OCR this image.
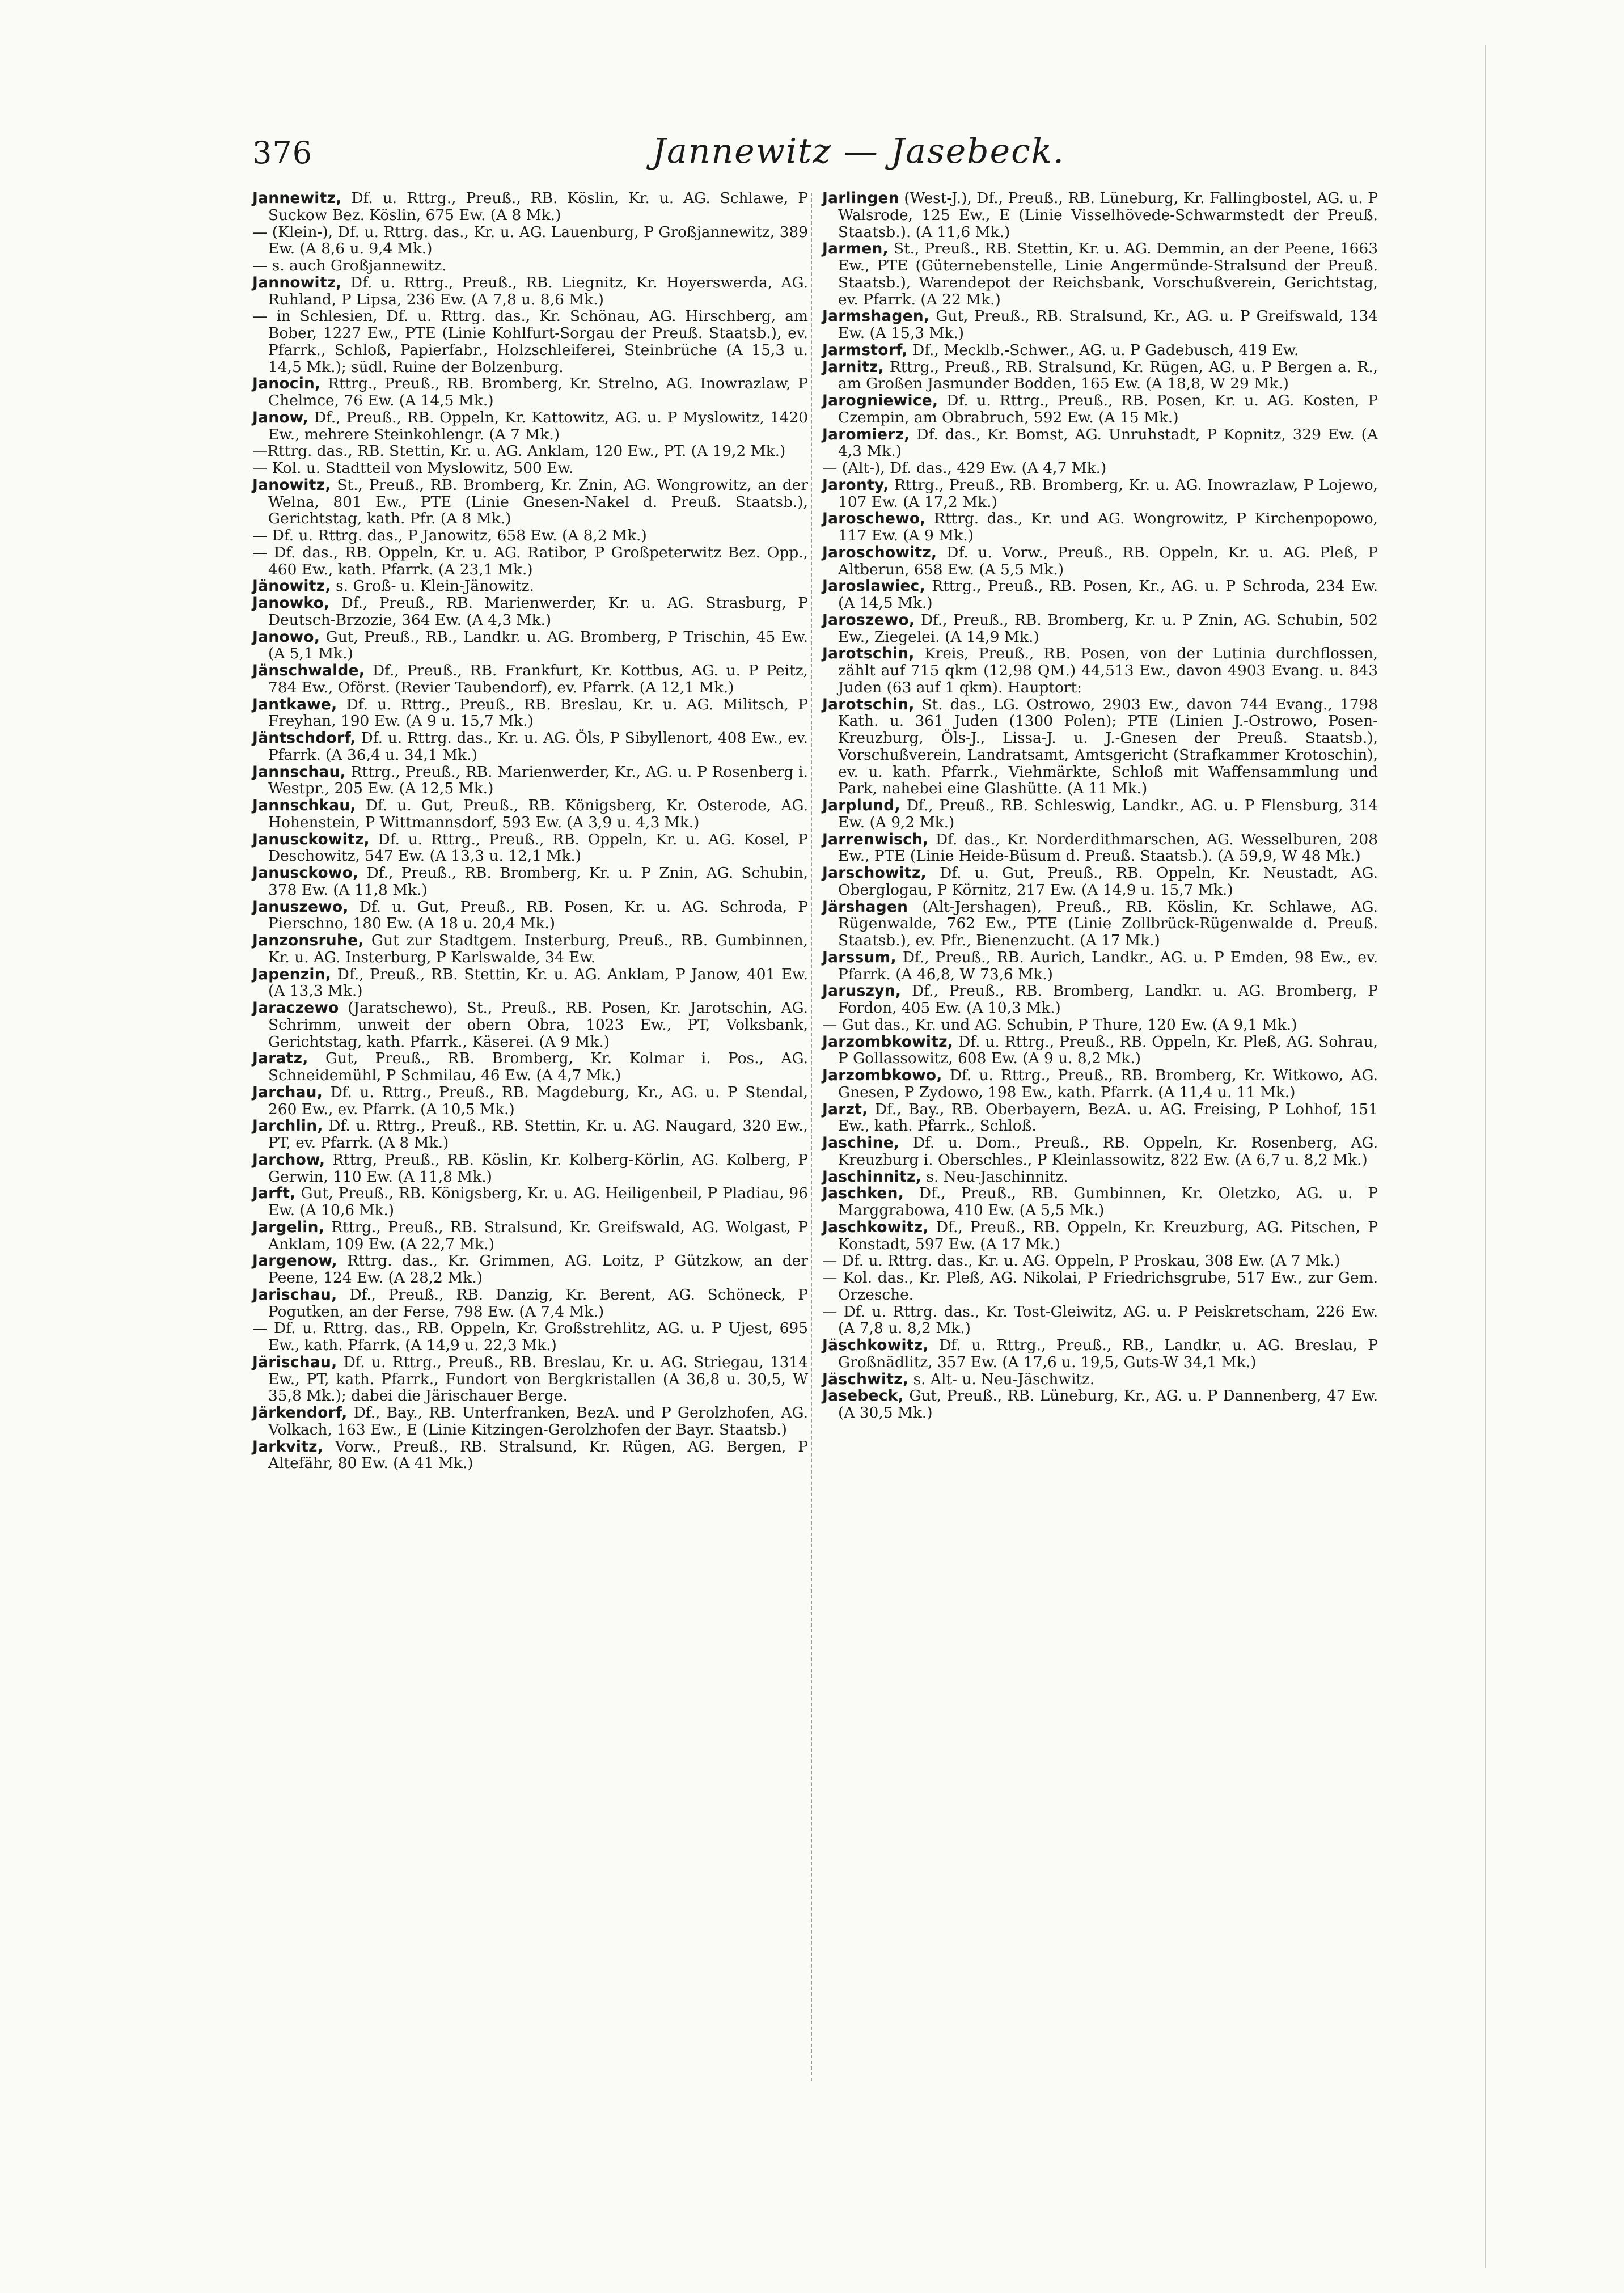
376	Jannewitz — Jasebeck.

Jannewitz, Df. u. Rttrg., Preuß., RB. Köslin, Kr. u. AG. Schlawe, P Suckow Bez. Köslin, 675 Ew. (A 8 Mk.)

— (Klein-), Df. u. Rttrg. das., Kr. u. AG. Lauenburg, P Großjannewitz, 389 Ew. (A 8,6 u. 9,4 Mk.)

— s. auch Großjannewitz.

Jannowitz, Df. u. Rttrg., Preuß., RB. Liegnitz, Kr. Hoyerswerda, AG. Ruhland, P Lipsa, 236 Ew. (A 7,8 u. 8,6 Mk.)

— in Schlesien, Df. u. Rttrg. das., Kr. Schönau, AG. Hirschberg, am Bober, 1227 Ew., PTE (Linie Kohlfurt-Sorgau der Preuß. Staatsb.), ev. Pfarrk., Schloß, Papierfabr., Holzschleiferei, Steinbrüche (A 15,3 u. 14,5 Mk.); südl. Ruine der Bolzenburg.

Janocin, Rttrg., Preuß., RB. Bromberg, Kr. Strelno, AG. Inowrazlaw, P Chelmce, 76 Ew. (A 14,5 Mk.)

Janow, Df., Preuß., RB. Oppeln, Kr. Kattowitz, AG. u. P Myslowitz, 1420 Ew., mehrere Steinkohlengr. (A 7 Mk.)

—Rttrg. das., RB. Stettin, Kr. u. AG. Anklam, 120 Ew., PT. (A 19,2 Mk.)

— Kol. u. Stadtteil von Myslowitz, 500 Ew.

Janowitz, St., Preuß., RB. Bromberg, Kr. Znin, AG. Wongrowitz, an der Welna, 801 Ew., PTE (Linie Gnesen-Nakel d. Preuß. Staatsb.), Gerichtstag, kath. Pfr. (A 8 Mk.)

— Df. u. Rttrg. das., P Janowitz, 658 Ew. (A 8,2 Mk.)

— Df. das., RB. Oppeln, Kr. u. AG. Ratibor, P Großpeterwitz Bez. Opp., 460 Ew., kath. Pfarrk. (A 23,1 Mk.)

Jänowitz, s. Groß- u. Klein-Jänowitz.

Janowko, Df., Preuß., RB. Marienwerder, Kr. u. AG. Strasburg, P Deutsch-Brzozie, 364 Ew. (A 4,3 Mk.)

Janowo, Gut, Preuß., RB., Landkr. u. AG. Bromberg, P Trischin, 45 Ew. (A 5,1 Mk.)

Jänschwalde, Df., Preuß., RB. Frankfurt, Kr. Kottbus, AG. u. P Peitz, 784 Ew., Oförst. (Revier Taubendorf), ev. Pfarrk. (A 12,1 Mk.)

Jantkawe, Df. u. Rttrg., Preuß., RB. Breslau, Kr. u. AG. Militsch, P Freyhan, 190 Ew. (A 9 u. 15,7 Mk.)

Jäntschdorf, Df. u. Rttrg. das., Kr. u. AG. Öls, P Sibyllenort, 408 Ew., ev. Pfarrk. (A 36,4 u. 34,1 Mk.)

Jannschau, Rttrg., Preuß., RB. Marienwerder, Kr., AG. u. P Rosenberg i. Westpr., 205 Ew. (A 12,5 Mk.)

Jannschkau, Df. u. Gut, Preuß., RB. Königsberg, Kr. Osterode, AG. Hohenstein, P Wittmannsdorf, 593 Ew. (A 3,9 u. 4,3 Mk.)

Janusckowitz, Df. u. Rttrg., Preuß., RB. Oppeln, Kr. u. AG. Kosel, P Deschowitz, 547 Ew. (A 13,3 u. 12,1 Mk.)

Janusckowo, Df., Preuß., RB. Bromberg, Kr. u. P Znin, AG. Schubin, 378 Ew. (A 11,8 Mk.)

Januszewo, Df. u. Gut, Preuß., RB. Posen, Kr. u. AG. Schroda, P Pierschno, 180 Ew. (A 18 u. 20,4 Mk.)

Janzonsruhe, Gut zur Stadtgem. Insterburg, Preuß., RB. Gumbinnen, Kr. u. AG. Insterburg, P Karlswalde, 34 Ew.

Japenzin, Df., Preuß., RB. Stettin, Kr. u. AG. Anklam, P Janow, 401 Ew. (A 13,3 Mk.)

Jaraczewo (Jaratschewo), St., Preuß., RB. Posen, Kr. Jarotschin, AG. Schrimm, unweit der obern Obra, 1023 Ew., PT, Volksbank, Gerichtstag, kath. Pfarrk., Käserei. (A 9 Mk.)

Jaratz, Gut, Preuß., RB. Bromberg, Kr. Kolmar i. Pos., AG. Schneidemühl, P Schmilau, 46 Ew. (A 4,7 Mk.)

Jarchau, Df. u. Rttrg., Preuß., RB. Magdeburg, Kr., AG. u. P Stendal, 260 Ew., ev. Pfarrk. (A 10,5 Mk.)

Jarchlin, Df. u. Rttrg., Preuß., RB. Stettin, Kr. u. AG. Naugard, 320 Ew., PT, ev. Pfarrk. (A 8 Mk.)

Jarchow, Rttrg, Preuß., RB. Köslin, Kr. Kolberg-Körlin, AG. Kolberg, P Gerwin, 110 Ew. (A 11,8 Mk.)

Jarft, Gut, Preuß., RB. Königsberg, Kr. u. AG. Heiligenbeil, P Pladiau, 96 Ew. (A 10,6 Mk.)

Jargelin, Rttrg., Preuß., RB. Stralsund, Kr. Greifswald, AG. Wolgast, P Anklam, 109 Ew. (A 22,7 Mk.)

Jargenow, Rttrg. das., Kr. Grimmen, AG. Loitz, P Gützkow, an der Peene, 124 Ew. (A 28,2 Mk.)

Jarischau, Df., Preuß., RB. Danzig, Kr. Berent, AG. Schöneck, P Pogutken, an der Ferse, 798 Ew. (A 7,4 Mk.)

— Df. u. Rttrg. das., RB. Oppeln, Kr. Großstrehlitz, AG. u. P Ujest, 695 Ew., kath. Pfarrk. (A 14,9 u. 22,3 Mk.)

Järischau, Df. u. Rttrg., Preuß., RB. Breslau, Kr. u. AG. Striegau, 1314 Ew., PT, kath. Pfarrk., Fundort von Bergkristallen (A 36,8 u. 30,5, W 35,8 Mk.); dabei die Järischauer Berge.

Järkendorf, Df., Bay., RB. Unterfranken, BezA. und P Gerolzhofen, AG. Volkach, 163 Ew., E (Linie Kitzingen-Gerolzhofen der Bayr. Staatsb.)

Jarkvitz, Vorw., Preuß., RB. Stralsund, Kr. Rügen, AG. Bergen, P Altefähr, 80 Ew. (A 41 Mk.)

Jarlingen (West-J.), Df., Preuß., RB. Lüneburg, Kr. Fallingbostel, AG. u. P Walsrode, 125 Ew., E (Linie Visselhövede-Schwarmstedt der Preuß. Staatsb.). (A 11,6 Mk.)

Jarmen, St., Preuß., RB. Stettin, Kr. u. AG. Demmin, an der Peene, 1663 Ew., PTE (Güternebenstelle, Linie Angermünde-Stralsund der Preuß. Staatsb.), Warendepot der Reichsbank, Vorschußverein, Gerichtstag, ev. Pfarrk. (A 22 Mk.)

Jarmshagen, Gut, Preuß., RB. Stralsund, Kr., AG. u. P Greifswald, 134 Ew. (A 15,3 Mk.)

Jarmstorf, Df., Mecklb.-Schwer., AG. u. P Gadebusch, 419 Ew.

Jarnitz, Rttrg., Preuß., RB. Stralsund, Kr. Rügen, AG. u. P Bergen a. R., am Großen Jasmunder Bodden, 165 Ew. (A 18,8, W 29 Mk.)

Jarogniewice, Df. u. Rttrg., Preuß., RB. Posen, Kr. u. AG. Kosten, P Czempin, am Obrabruch, 592 Ew. (A 15 Mk.)

Jaromierz, Df. das., Kr. Bomst, AG. Unruhstadt, P Kopnitz, 329 Ew. (A 4,3 Mk.)

— (Alt-), Df. das., 429 Ew. (A 4,7 Mk.)

Jaronty, Rttrg., Preuß., RB. Bromberg, Kr. u. AG. Inowrazlaw, P Lojewo, 107 Ew. (A 17,2 Mk.)

Jaroschewo, Rttrg. das., Kr. und AG. Wongrowitz, P Kirchenpopowo, 117 Ew. (A 9 Mk.)

Jaroschowitz, Df. u. Vorw., Preuß., RB. Oppeln, Kr. u. AG. Pleß, P Altberun, 658 Ew. (A 5,5 Mk.)

Jaroslawiec, Rttrg., Preuß., RB. Posen, Kr., AG. u. P Schroda, 234 Ew. (A 14,5 Mk.)

Jaroszewo, Df., Preuß., RB. Bromberg, Kr. u. P Znin, AG. Schubin, 502 Ew., Ziegelei. (A 14,9 Mk.)

Jarotschin, Kreis, Preuß., RB. Posen, von der Lutinia durchflossen, zählt auf 715 qkm (12,98 QM.) 44,513 Ew., davon 4903 Evang. u. 843 Juden (63 auf 1 qkm). Hauptort:

Jarotschin, St. das., LG. Ostrowo, 2903 Ew., davon 744 Evang., 1798 Kath. u. 361 Juden (1300 Polen); PTE (Linien J.-Ostrowo, Posen-Kreuzburg, Öls-J., Lissa-J. u. J.-Gnesen der Preuß. Staatsb.), Vorschußverein, Landratsamt, Amtsgericht (Strafkammer Krotoschin), ev. u. kath. Pfarrk., Viehmärkte, Schloß mit Waffensammlung und Park, nahebei eine Glashütte. (A 11 Mk.)

Jarplund, Df., Preuß., RB. Schleswig, Landkr., AG. u. P Flensburg, 314 Ew. (A 9,2 Mk.)

Jarrenwisch, Df. das., Kr. Norderdithmarschen, AG. Wesselburen, 208 Ew., PTE (Linie Heide-Büsum d. Preuß. Staatsb.). (A 59,9, W 48 Mk.)

Jarschowitz, Df. u. Gut, Preuß., RB. Oppeln, Kr. Neustadt, AG. Oberglogau, P Körnitz, 217 Ew. (A 14,9 u. 15,7 Mk.)

Järshagen (Alt-Jershagen), Preuß., RB. Köslin, Kr. Schlawe, AG. Rügenwalde, 762 Ew., PTE (Linie Zollbrück-Rügenwalde d. Preuß. Staatsb.), ev. Pfr., Bienenzucht. (A 17 Mk.)

Jarssum, Df., Preuß., RB. Aurich, Landkr., AG. u. P Emden, 98 Ew., ev. Pfarrk. (A 46,8, W 73,6 Mk.)

Jaruszyn, Df., Preuß., RB. Bromberg, Landkr. u. AG. Bromberg, P Fordon, 405 Ew. (A 10,3 Mk.)

— Gut das., Kr. und AG. Schubin, P Thure, 120 Ew. (A 9,1 Mk.)

Jarzombkowitz, Df. u. Rttrg., Preuß., RB. Oppeln, Kr. Pleß, AG. Sohrau, P Gollassowitz, 608 Ew. (A 9 u. 8,2 Mk.)

Jarzombkowo, Df. u. Rttrg., Preuß., RB. Bromberg, Kr. Witkowo, AG. Gnesen, P Zydowo, 198 Ew., kath. Pfarrk. (A 11,4 u. 11 Mk.)

Jarzt, Df., Bay., RB. Oberbayern, BezA. u. AG. Freising, P Lohhof, 151 Ew., kath. Pfarrk., Schloß.

Jaschine, Df. u. Dom., Preuß., RB. Oppeln, Kr. Rosenberg, AG. Kreuzburg i. Oberschles., P Kleinlassowitz, 822 Ew. (A 6,7 u. 8,2 Mk.)

Jaschinnitz, s. Neu-Jaschinnitz.

Jaschken, Df., Preuß., RB. Gumbinnen, Kr. Oletzko, AG. u. P Marggrabowa, 410 Ew. (A 5,5 Mk.)

Jaschkowitz, Df., Preuß., RB. Oppeln, Kr. Kreuzburg, AG. Pitschen, P Konstadt, 597 Ew. (A 17 Mk.)

— Df. u. Rttrg. das., Kr. u. AG. Oppeln, P Proskau, 308 Ew. (A 7 Mk.)

— Kol. das., Kr. Pleß, AG. Nikolai, P Friedrichsgrube, 517 Ew., zur Gem. Orzesche.

— Df. u. Rttrg. das., Kr. Tost-Gleiwitz, AG. u. P Peiskretscham, 226 Ew. (A 7,8 u. 8,2 Mk.)

Jäschkowitz, Df. u. Rttrg., Preuß., RB., Landkr. u. AG. Breslau, P Großnädlitz, 357 Ew. (A 17,6 u. 19,5, Guts-W 34,1 Mk.)

Jäschwitz, s. Alt- u. Neu-Jäschwitz.

Jasebeck, Gut, Preuß., RB. Lüneburg, Kr., AG. u. P Dannenberg, 47 Ew. (A 30,5 Mk.)
